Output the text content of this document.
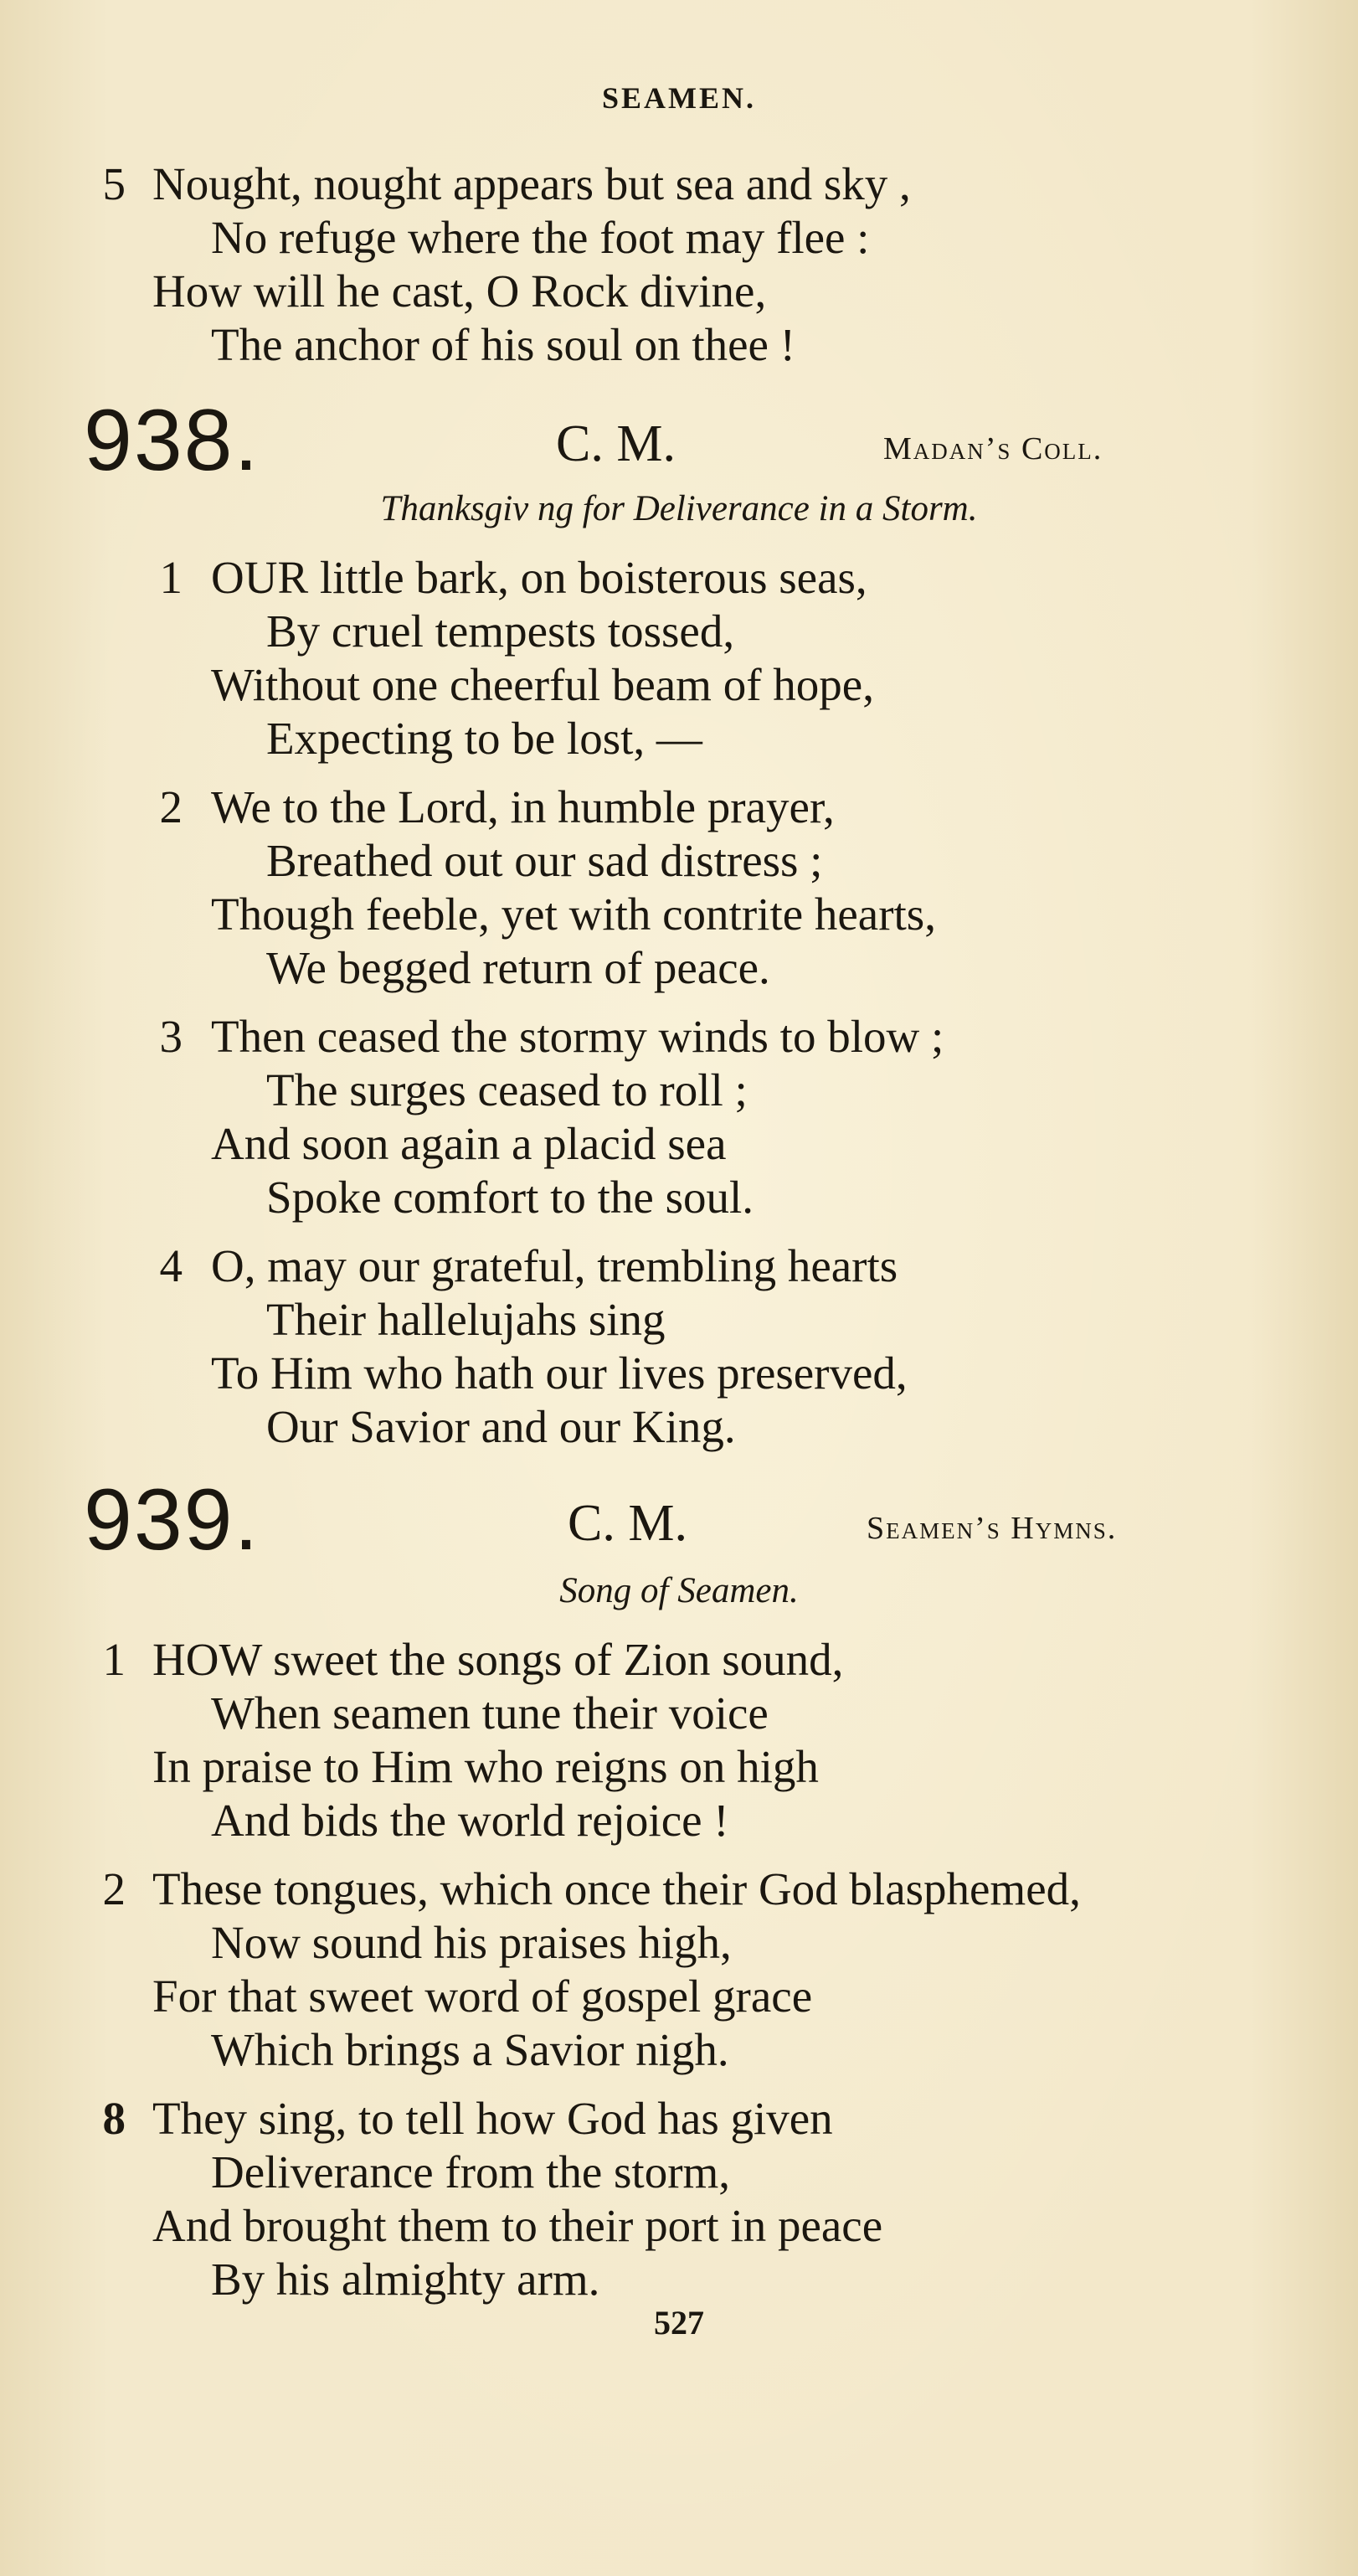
SEAMEN.
5 Nought, nought appears but sea and sky ,
No refuge where the foot may flee :
How will he cast, O Rock divine,
The anchor of his soul on thee !
938.	C. M.	Madan’s Coll.
Thanksgiv ng for Deliverance in a Storm.
1 OUR little bark, on boisterous seas,
By cruel tempests tossed,
Without one cheerful beam of hope,
Expecting to be lost, —
2 We to the Lord, in humble prayer,
Breathed out our sad distress ;
Though feeble, yet with contrite hearts,
We begged return of peace.
3 Then ceased the stormy winds to blow ;
The surges ceased to roll ;
And soon again a placid sea
Spoke comfort to the soul.
4 O, may our grateful, trembling hearts
Their hallelujahs sing
To Him who hath our lives preserved,
Our Savior and our King.
939.	C. M.	Seamen’s Hymns.
Song of Seamen.
1 HOW sweet the songs of Zion sound,
When seamen tune their voice
In praise to Him who reigns on high
And bids the world rejoice !
2 These tongues, which once their God blasphemed,
Now sound his praises high,
For that sweet word of gospel grace
Which brings a Savior nigh.
8 They sing, to tell how God has given
Deliverance from the storm,
And brought them to their port in peace
By his almighty arm.
527
